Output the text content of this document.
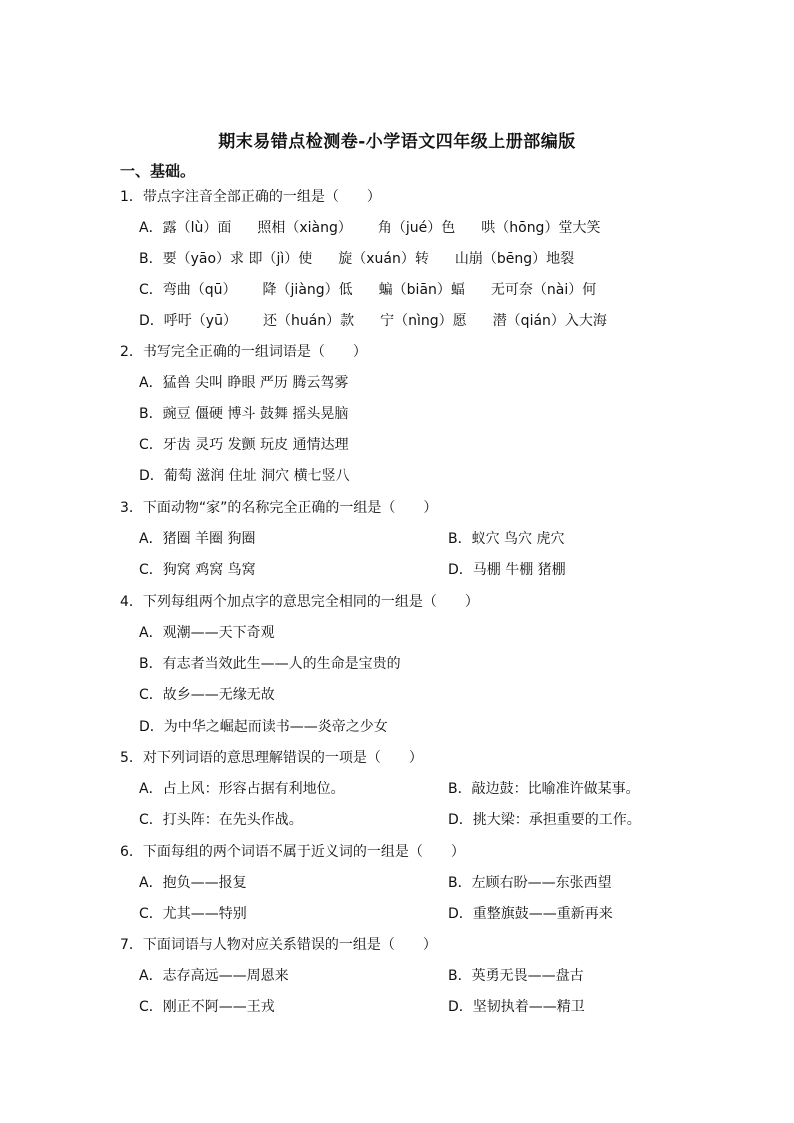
期末易错点检测卷-小学语文四年级上册部编版
一、基础。
1．带点字注音全部正确的一组是（　　）
A．露（lù）面 照相（xiàng） 角（jué）色 哄（hōng）堂大笑
B．要（yāo）求 即（jì）使 旋（xuán）转 山崩（bēng）地裂
C．弯曲（qū） 降（jiàng）低 蝙（biān）蝠 无可奈（nài）何
D．呼吁（yū） 还（huán）款 宁（nìng）愿 潜（qián）入大海
2．书写完全正确的一组词语是（　　）
A．猛兽 尖叫 睁眼 严历 腾云驾雾
B．豌豆 僵硬 博斗 鼓舞 摇头晃脑
C．牙齿 灵巧 发颤 玩皮 通情达理
D．葡萄 滋润 住址 洞穴 横七竖八
3．下面动物“家”的名称完全正确的一组是（　　）
A．猪圈 羊圈 狗圈	B．蚁穴 鸟穴 虎穴
C．狗窝 鸡窝 鸟窝	D．马棚 牛棚 猪棚
4．下列每组两个加点字的意思完全相同的一组是（　　）
A．观潮——天下奇观
B．有志者当效此生——人的生命是宝贵的
C．故乡——无缘无故
D．为中华之崛起而读书——炎帝之少女
5．对下列词语的意思理解错误的一项是（　　）
A．占上风：形容占据有利地位。	B．敲边鼓：比喻准许做某事。
C．打头阵：在先头作战。	D．挑大梁：承担重要的工作。
6．下面每组的两个词语不属于近义词的一组是（　　）
A．抱负——报复	B．左顾右盼——东张西望
C．尤其——特别	D．重整旗鼓——重新再来
7．下面词语与人物对应关系错误的一组是（　　）
A．志存高远——周恩来	B．英勇无畏——盘古
C．刚正不阿——王戎	D．坚韧执着——精卫
